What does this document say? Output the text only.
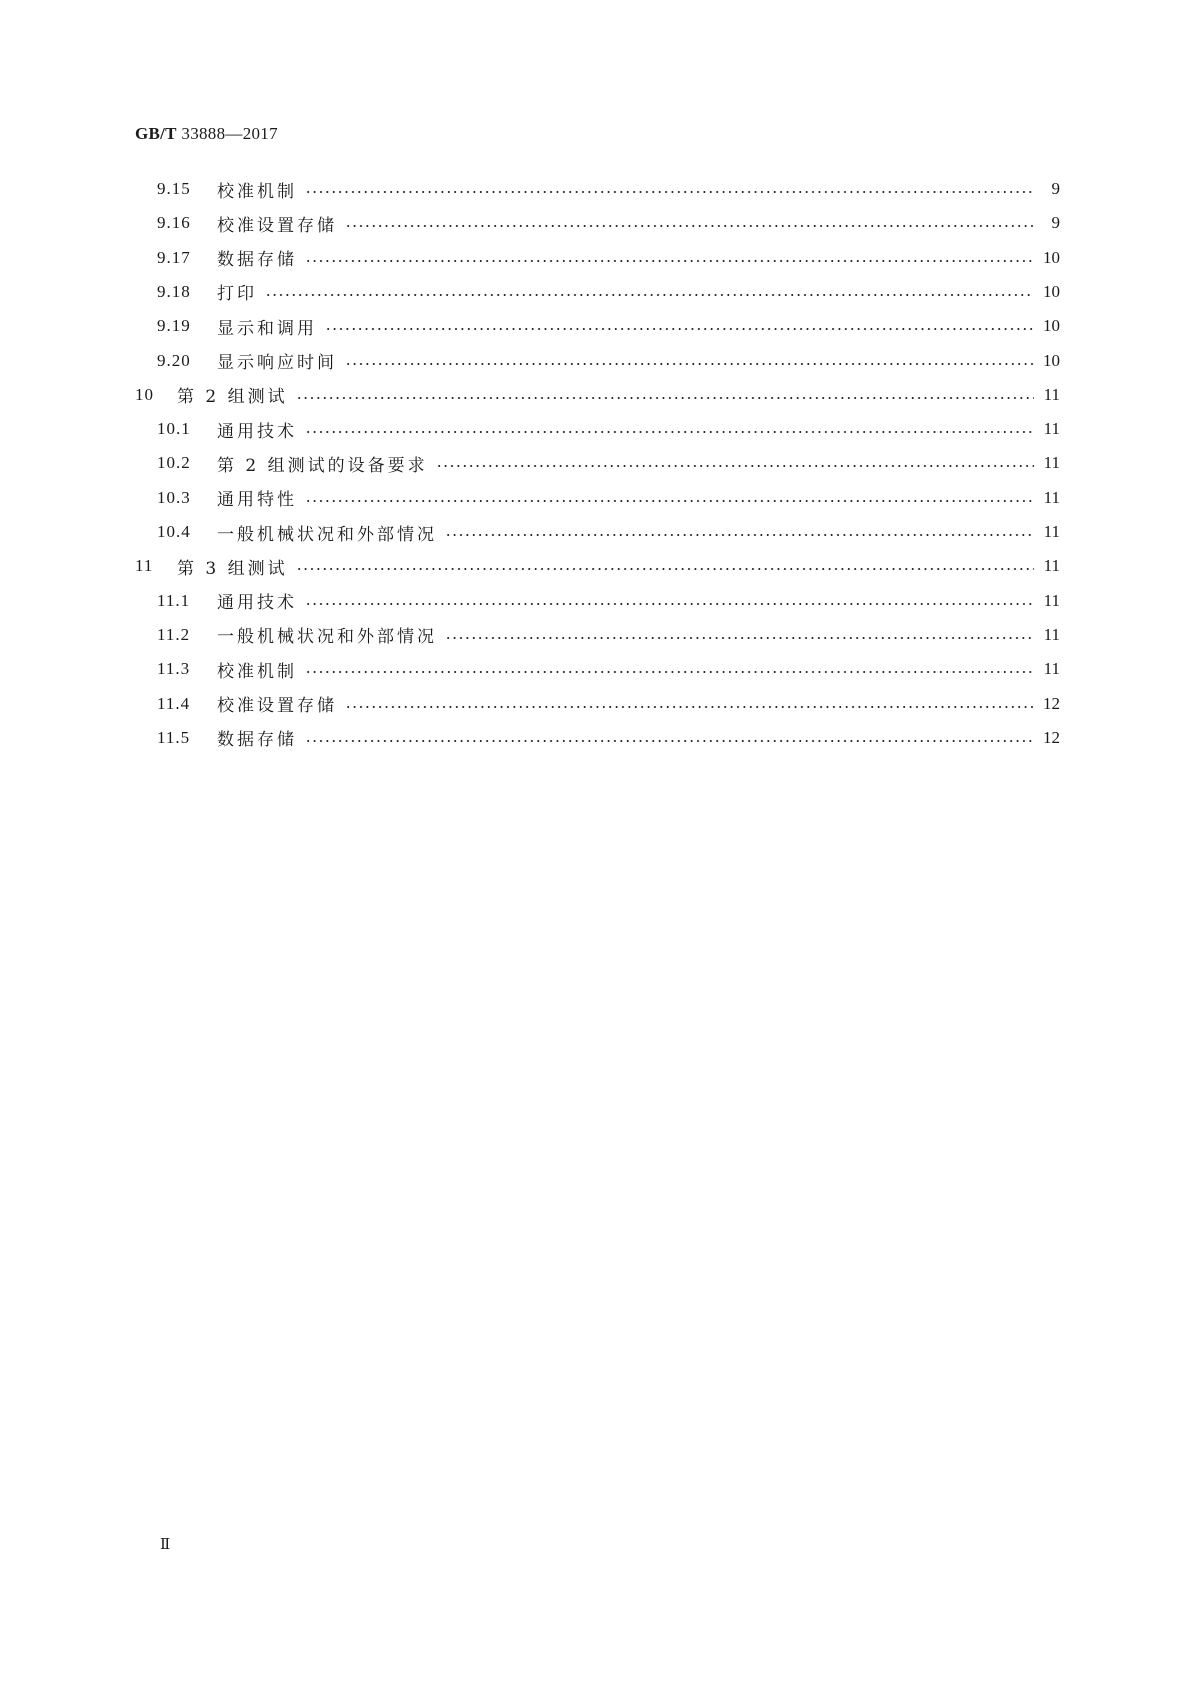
GB/T 33888—2017
9.15	校准机制	9
9.16	校准设置存储	9
9.17	数据存储	10
9.18	打印	10
9.19	显示和调用	10
9.20	显示响应时间	10
10	第 2 组测试	11
10.1	通用技术	11
10.2	第 2 组测试的设备要求	11
10.3	通用特性	11
10.4	一般机械状况和外部情况	11
11	第 3 组测试	11
11.1	通用技术	11
11.2	一般机械状况和外部情况	11
11.3	校准机制	11
11.4	校准设置存储	12
11.5	数据存储	12
Ⅱ
